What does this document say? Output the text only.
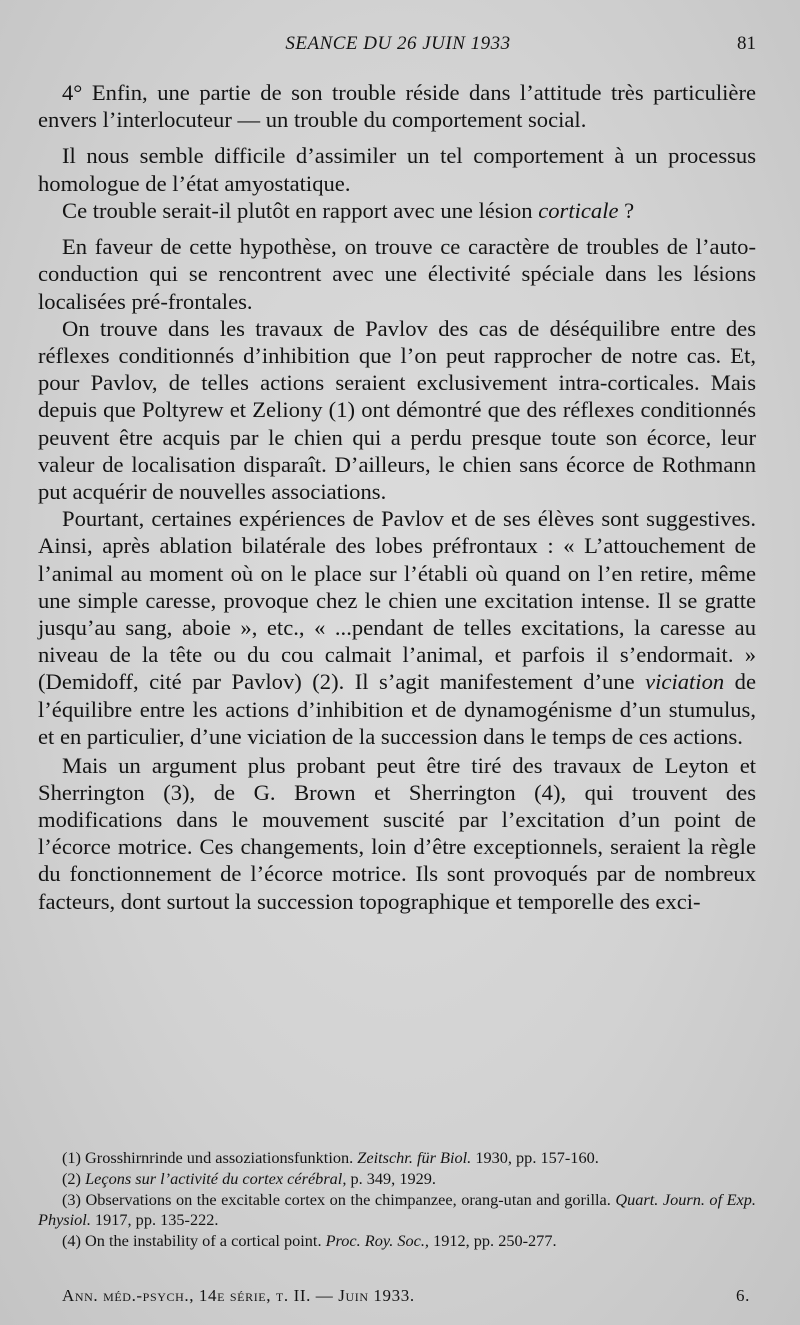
SEANCE DU 26 JUIN 1933	81

4° Enfin, une partie de son trouble réside dans l’attitude très particulière envers l’interlocuteur — un trouble du comportement social.

Il nous semble difficile d’assimiler un tel comportement à un processus homologue de l’état amyostatique.

Ce trouble serait-il plutôt en rapport avec une lésion corticale ?

En faveur de cette hypothèse, on trouve ce caractère de troubles de l’auto-conduction qui se rencontrent avec une électivité spéciale dans les lésions localisées pré-frontales.

On trouve dans les travaux de Pavlov des cas de déséquilibre entre des réflexes conditionnés d’inhibition que l’on peut rapprocher de notre cas. Et, pour Pavlov, de telles actions seraient exclusivement intra-corticales. Mais depuis que Poltyrew et Zeliony (1) ont démontré que des réflexes conditionnés peuvent être acquis par le chien qui a perdu presque toute son écorce, leur valeur de localisation disparaît. D’ailleurs, le chien sans écorce de Rothmann put acquérir de nouvelles associations.

Pourtant, certaines expériences de Pavlov et de ses élèves sont suggestives. Ainsi, après ablation bilatérale des lobes préfrontaux : « L’attouchement de l’animal au moment où on le place sur l’établi où quand on l’en retire, même une simple caresse, provoque chez le chien une excitation intense. Il se gratte jusqu’au sang, aboie », etc., « ...pendant de telles excitations, la caresse au niveau de la tête ou du cou calmait l’animal, et parfois il s’endormait. » (Demidoff, cité par Pavlov) (2). Il s’agit manifestement d’une viciation de l’équilibre entre les actions d’inhibition et de dynamogénisme d’un stumulus, et en particulier, d’une viciation de la succession dans le temps de ces actions.

Mais un argument plus probant peut être tiré des travaux de Leyton et Sherrington (3), de G. Brown et Sherrington (4), qui trouvent des modifications dans le mouvement suscité par l’excitation d’un point de l’écorce motrice. Ces changements, loin d’être exceptionnels, seraient la règle du fonctionnement de l’écorce motrice. Ils sont provoqués par de nombreux facteurs, dont surtout la succession topographique et temporelle des exci-

(1) Grosshirnrinde und assoziationsfunktion. Zeitschr. für Biol. 1930, pp. 157-160.

(2) Leçons sur l’activité du cortex cérébral, p. 349, 1929.

(3) Observations on the excitable cortex on the chimpanzee, orang-utan and gorilla. Quart. Journ. of Exp. Physiol. 1917, pp. 135-222.

(4) On the instability of a cortical point. Proc. Roy. Soc., 1912, pp. 250-277.

Ann. méd.-psych., 14e série, t. II. — Juin 1933.	6.
